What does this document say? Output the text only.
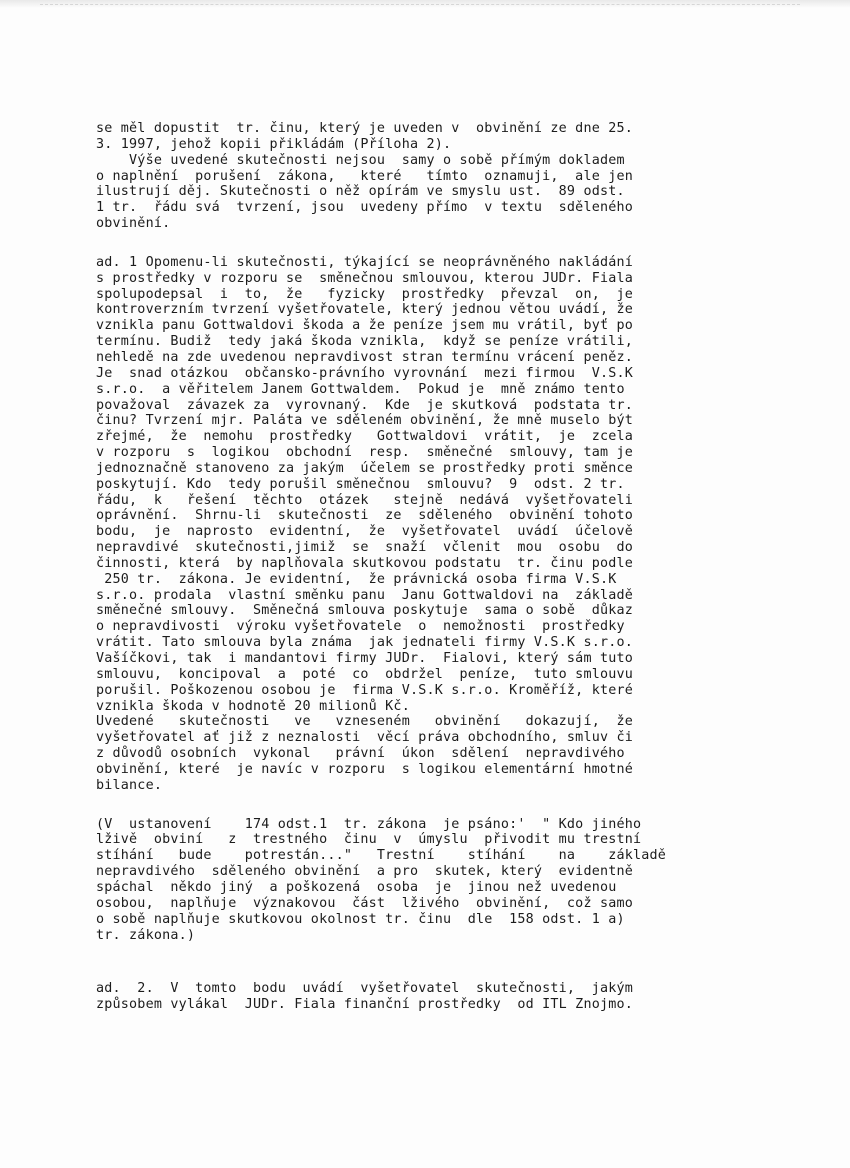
se měl dopustit  tr. činu, který je uveden v  obvinění ze dne 25.
3. 1997, jehož kopii přikládám (Příloha 2).
Výše uvedené skutečnosti nejsou  samy o sobě přímým dokladem
o naplnění  porušení  zákona,   které   tímto  oznamuji,  ale jen
ilustrují děj. Skutečnosti o něž opírám ve smyslu ust.  89 odst.
1 tr.  řádu svá  tvrzení, jsou  uvedeny přímo  v textu  sděleného
obvinění.
ad. 1 Opomenu-li skutečnosti, týkající se neoprávněného nakládání
s prostředky v rozporu se  směnečnou smlouvou, kterou JUDr. Fiala
spolupodepsal  i  to,  že   fyzicky  prostředky  převzal  on,  je
kontroverzním tvrzení vyšetřovatele, který jednou větou uvádí, že
vznikla panu Gottwaldovi škoda a že peníze jsem mu vrátil, byť po
termínu. Budiž  tedy jaká škoda vznikla,  když se peníze vrátili,
nehledě na zde uvedenou nepravdivost stran termínu vrácení peněz.
Je  snad otázkou  občansko-právního vyrovnání  mezi firmou  V.S.K
s.r.o.  a věřitelem Janem Gottwaldem.  Pokud je  mně známo tento
považoval  závazek za  vyrovnaný.  Kde  je skutková  podstata tr.
činu? Tvrzení mjr. Paláta ve sděleném obvinění, že mně muselo být
zřejmé,  že  nemohu  prostředky   Gottwaldovi  vrátit,  je  zcela
v rozporu  s  logikou  obchodní  resp.  směnečné  smlouvy, tam je
jednoznačně stanoveno za jakým  účelem se prostředky proti směnce
poskytují. Kdo  tedy porušil směnečnou  smlouvu?  9  odst. 2 tr.
řádu,  k   řešení  těchto  otázek   stejně  nedává  vyšetřovateli
oprávnění.  Shrnu-li  skutečnosti  ze  sděleného  obvinění tohoto
bodu,  je  naprosto  evidentní,  že  vyšetřovatel  uvádí  účelově
nepravdivé  skutečnosti,jimiž  se  snaží  včlenit  mou  osobu  do
činnosti, která  by naplňovala skutkovou podstatu  tr. činu podle
250 tr.  zákona. Je evidentní,  že právnická osoba firma V.S.K
s.r.o. prodala  vlastní směnku panu  Janu Gottwaldovi na  základě
směnečné smlouvy.  Směnečná smlouva poskytuje  sama o sobě  důkaz
o nepravdivosti  výroku vyšetřovatele  o  nemožnosti  prostředky
vrátit. Tato smlouva byla známa  jak jednateli firmy V.S.K s.r.o.
Vašíčkovi, tak  i mandantovi firmy JUDr.  Fialovi, který sám tuto
smlouvu,  koncipoval  a  poté  co  obdržel  peníze,  tuto smlouvu
porušil. Poškozenou osobou je  firma V.S.K s.r.o. Kroměříž, které
vznikla škoda v hodnotě 20 milionů Kč.
Uvedené   skutečnosti   ve   vzneseném   obvinění   dokazují,  že
vyšetřovatel ať již z neznalosti  věcí práva obchodního, smluv či
z důvodů osobních  vykonal   právní  úkon  sdělení  nepravdivého
obvinění, které  je navíc v rozporu  s logikou elementární hmotné
bilance.
(V  ustanovení    174 odst.1  tr. zákona  je psáno:'  " Kdo jiného
lživě  obviní   z  trestného  činu  v  úmyslu  přivodit mu trestní
stíhání   bude    potrestán..."   Trestní    stíhání    na    základě
nepravdivého  sděleného obvinění  a pro  skutek, který  evidentně
spáchal  někdo jiný  a poškozená  osoba  je  jinou než uvedenou
osobou,  naplňuje  význakovou  část  lživého  obvinění,  což samo
o sobě naplňuje skutkovou okolnost tr. činu  dle  158 odst. 1 a)
tr. zákona.)
ad.  2.  V  tomto  bodu  uvádí  vyšetřovatel  skutečnosti,  jakým
způsobem vylákal  JUDr. Fiala finanční prostředky  od ITL Znojmo.
